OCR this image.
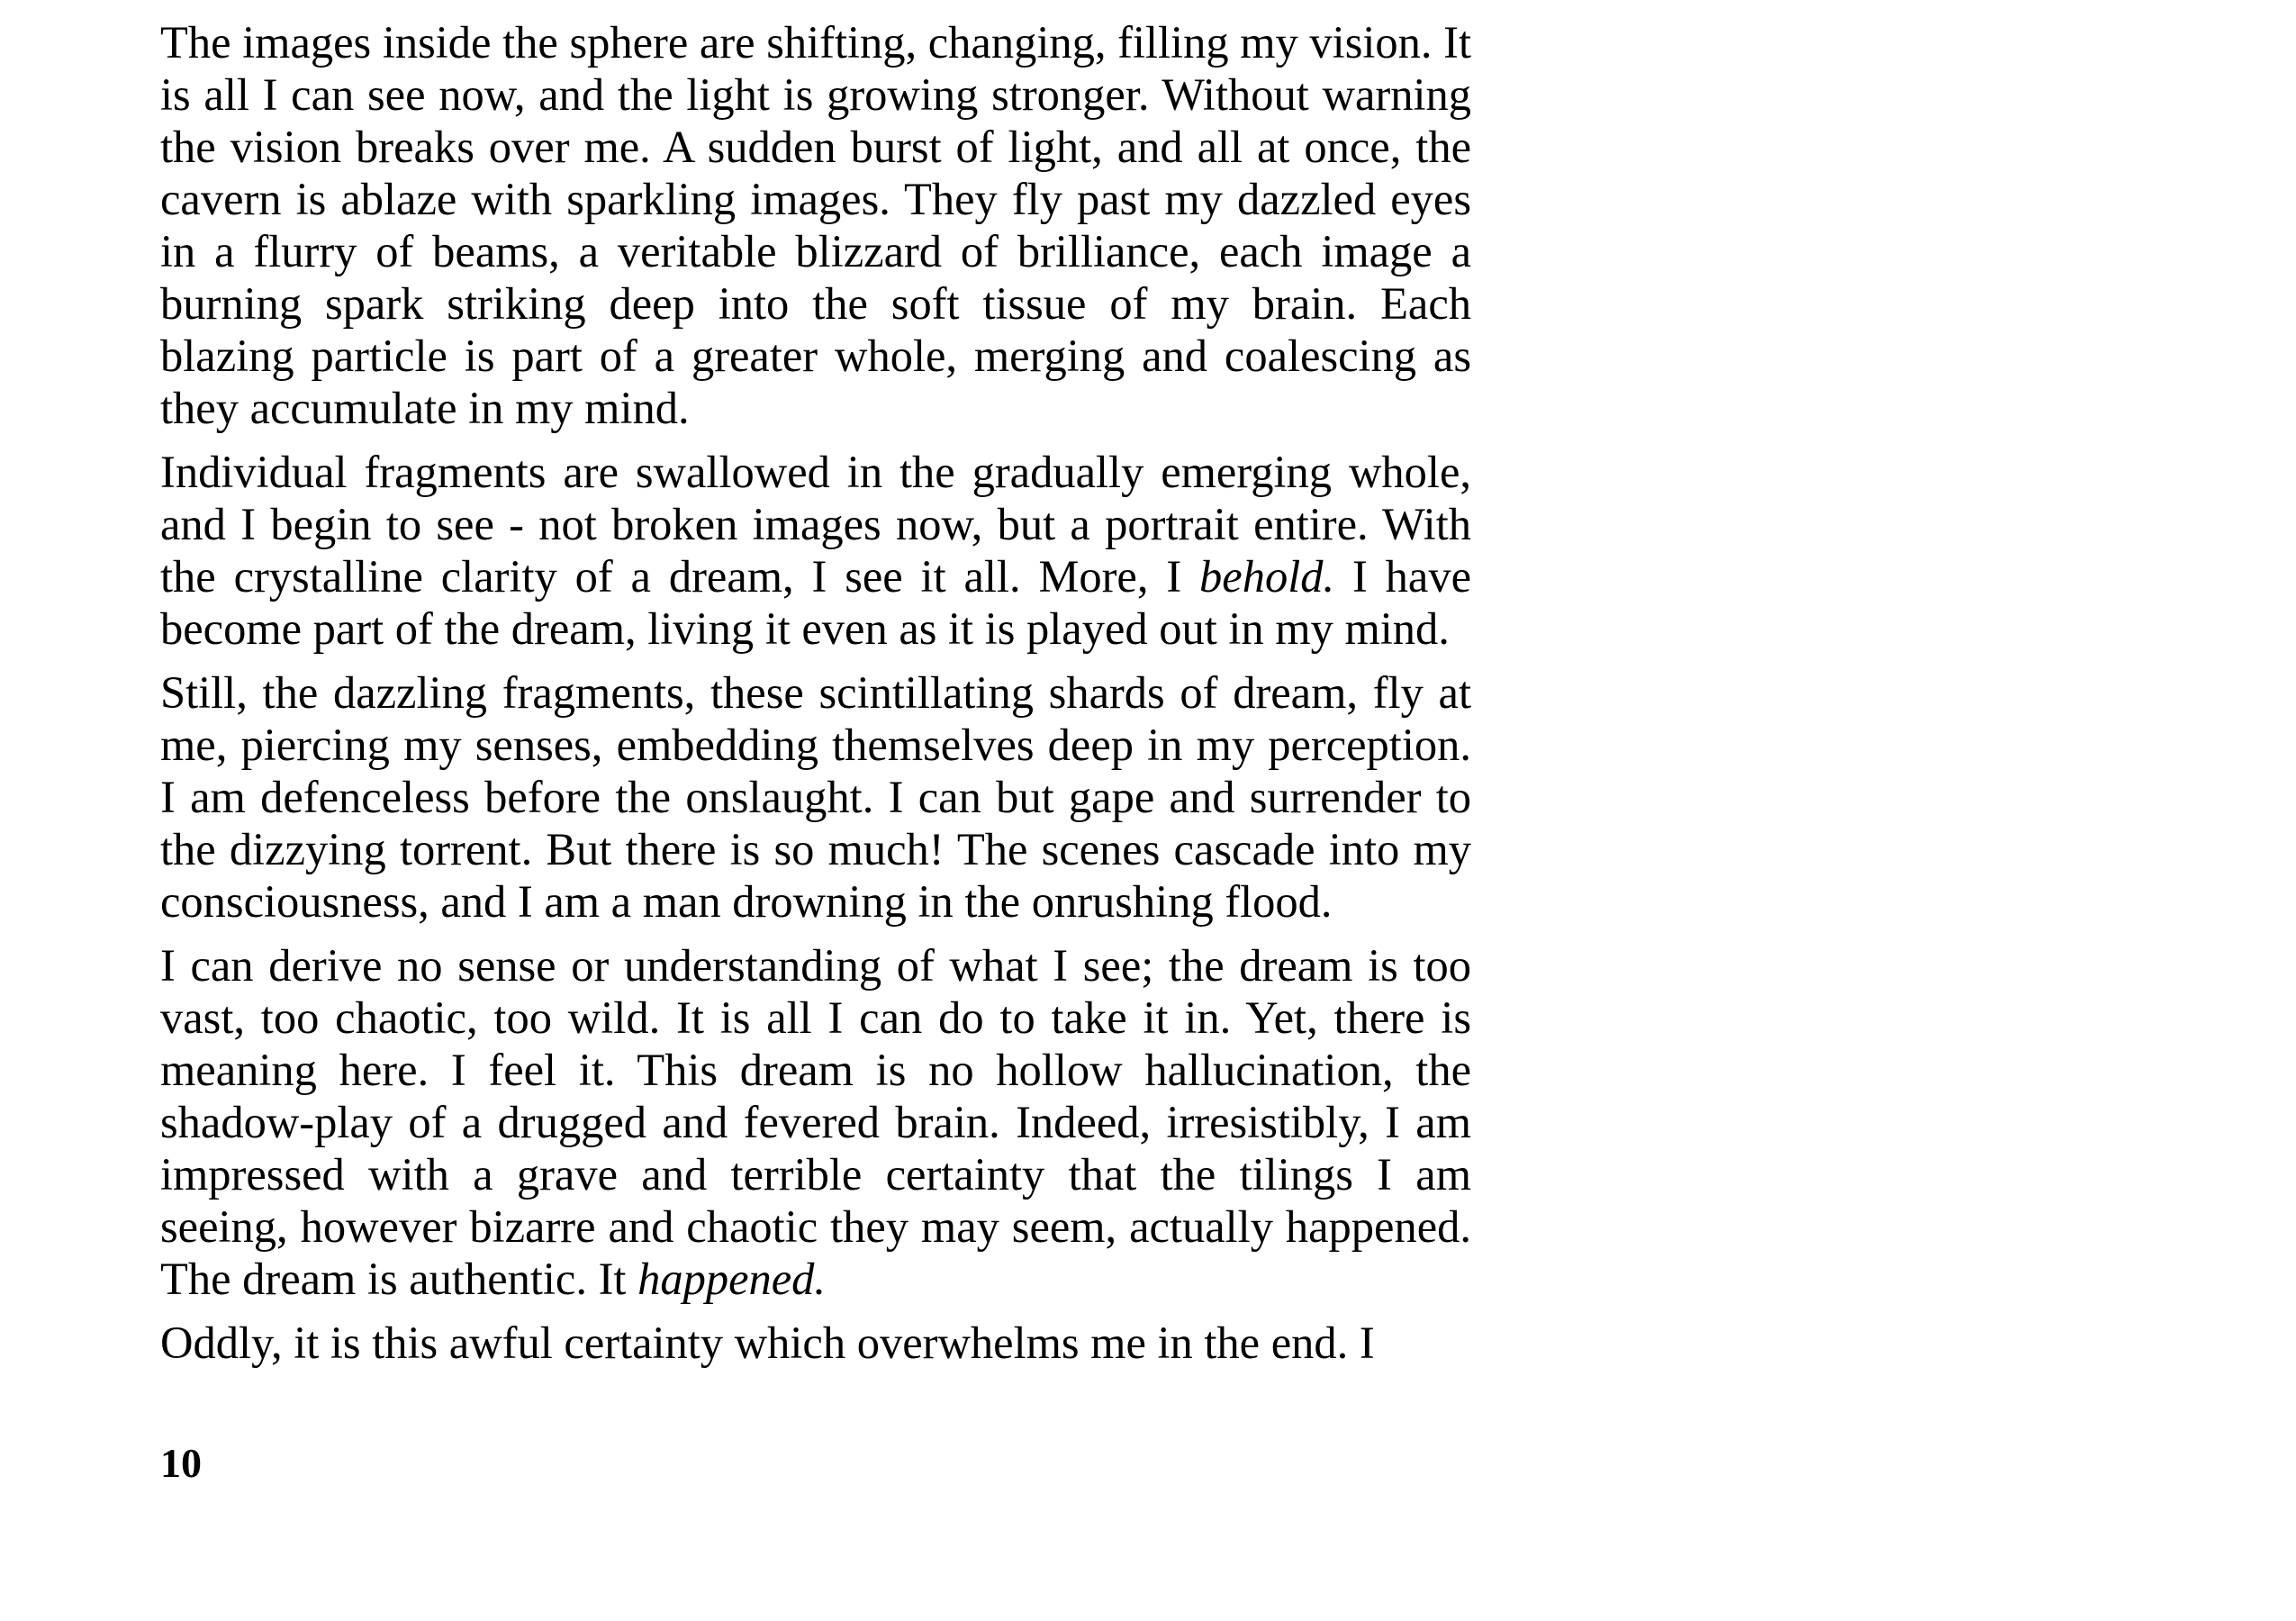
The images inside the sphere are shifting, changing, filling my vision. It is all I can see now, and the light is growing stronger. Without warning the vision breaks over me. A sudden burst of light, and all at once, the cavern is ablaze with sparkling images. They fly past my dazzled eyes in a flurry of beams, a veritable blizzard of brilliance, each image a burning spark striking deep into the soft tissue of my brain. Each blazing particle is part of a greater whole, merging and coalescing as they accumulate in my mind.

Individual fragments are swallowed in the gradually emerging whole, and I begin to see - not broken images now, but a portrait entire. With the crystalline clarity of a dream, I see it all. More, I behold. I have become part of the dream, living it even as it is played out in my mind.

Still, the dazzling fragments, these scintillating shards of dream, fly at me, piercing my senses, embedding themselves deep in my perception. I am defenceless before the onslaught. I can but gape and surrender to the dizzying torrent. But there is so much! The scenes cascade into my consciousness, and I am a man drowning in the onrushing flood.

I can derive no sense or understanding of what I see; the dream is too vast, too chaotic, too wild. It is all I can do to take it in. Yet, there is meaning here. I feel it. This dream is no hollow hallucination, the shadow-play of a drugged and fevered brain. Indeed, irresistibly, I am impressed with a grave and terrible certainty that the tilings I am seeing, however bizarre and chaotic they may seem, actually happened. The dream is authentic. It happened.

Oddly, it is this awful certainty which overwhelms me in the end. I

10
